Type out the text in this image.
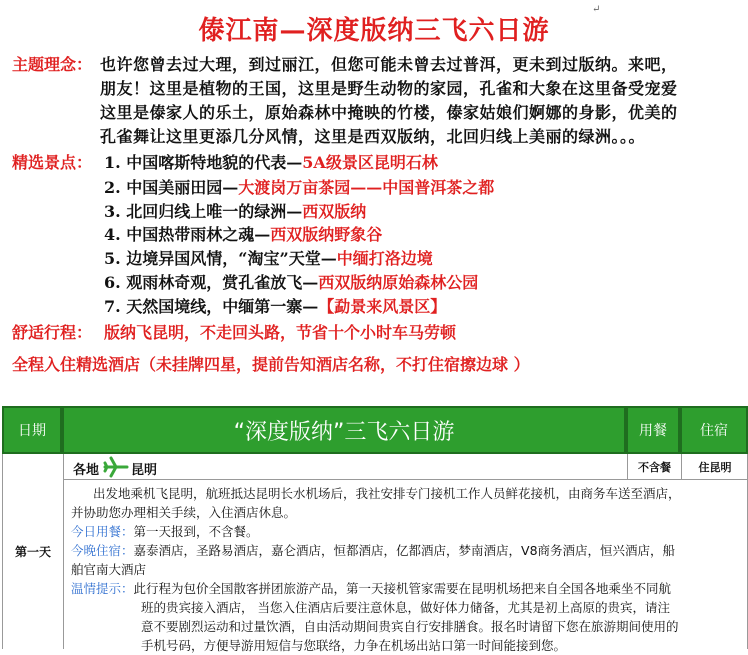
傣江南—深度版纳三飞六日游
↵
主题理念： 也许您曾去过大理，到过丽江，但您可能未曾去过普洱，更未到过版纳。来吧，
朋友！这里是植物的王国，这里是野生动物的家园，孔雀和大象在这里备受宠爱
这里是傣家人的乐土，原始森林中掩映的竹楼，傣家姑娘们婀娜的身影，优美的
孔雀舞让这里更添几分风情，这里是西双版纳，北回归线上美丽的绿洲。。。
精选景点： 1. 中国喀斯特地貌的代表—5A级景区昆明石林
2. 中国美丽田园—大渡岗万亩茶园——中国普洱茶之都
3. 北回归线上唯一的绿洲—西双版纳
4. 中国热带雨林之魂—西双版纳野象谷
5. 边境异国风情，“淘宝”天堂—中缅打洛边境
6. 观雨林奇观，赏孔雀放飞—西双版纳原始森林公园
7. 天然国境线，中缅第一寨—【勐景来风景区】
舒适行程： 版纳飞昆明，不走回头路，节省十个小时车马劳顿
全程入住精选酒店（未挂牌四星，提前告知酒店名称，不打住宿擦边球 ）
日期	“深度版纳”三飞六日游	用餐	住宿
第一天
各地 昆明	不含餐	住昆明

出发地乘机飞昆明，航班抵达昆明长水机场后，我社安排专门接机工作人员鲜花接机，由商务车送至酒店，

并协助您办理相关手续，入住酒店休息。

今日用餐：第一天报到，不含餐。

今晚住宿：嘉泰酒店，圣路易酒店，嘉仑酒店，恒都酒店，亿都酒店，梦南酒店，V8商务酒店，恒兴酒店，船

舶官南大酒店

温情提示：此行程为包价全国散客拼团旅游产品，第一天接机管家需要在昆明机场把来自全国各地乘坐不同航

班的贵宾接入酒店， 当您入住酒店后要注意休息，做好体力储备，尤其是初上高原的贵宾，请注

意不要剧烈运动和过量饮酒，自由活动期间贵宾自行安排膳食。报名时请留下您在旅游期间使用的

手机号码，方便导游用短信与您联络，力争在机场出站口第一时间能接到您。
